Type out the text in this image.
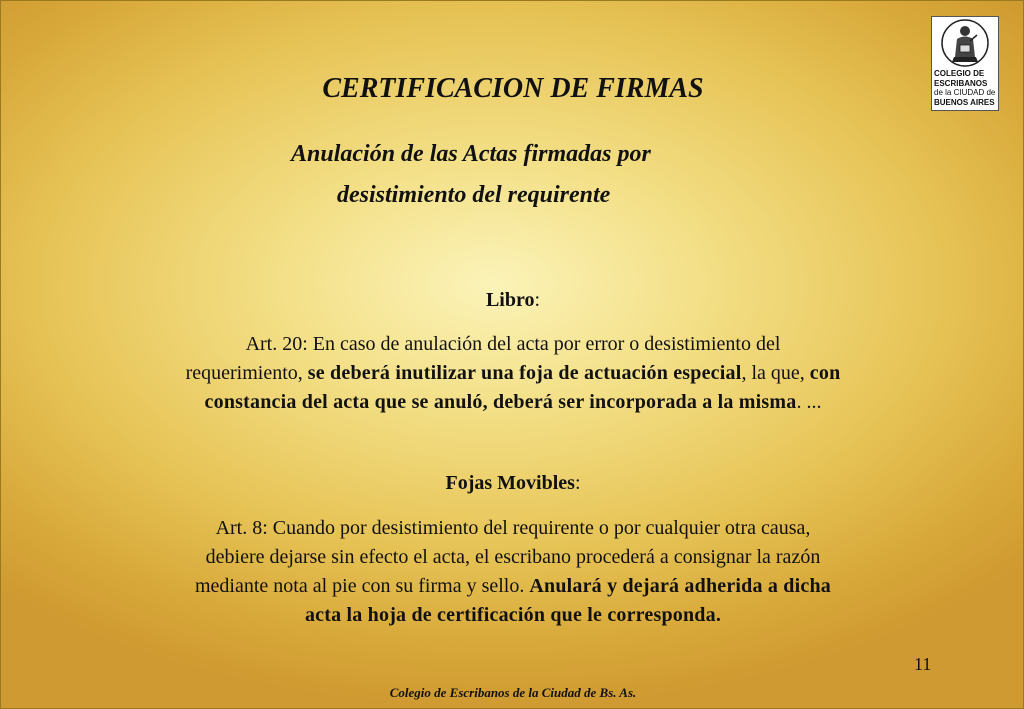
COLEGIO DE
ESCRIBANOS
de la CIUDAD de
BUENOS AIRES
CERTIFICACION DE FIRMAS
Anulación de las Actas firmadas por
desistimiento del requirente
Libro:
Art. 20: En caso de anulación del acta por error o desistimiento del
requerimiento, se deberá inutilizar una foja de actuación especial, la que, con
constancia del acta que se anuló, deberá ser incorporada a la misma. ...
Fojas Movibles:
Art. 8: Cuando por desistimiento del requirente o por cualquier otra causa,
debiere dejarse sin efecto el acta, el escribano procederá a consignar la razón
mediante nota al pie con su firma y sello. Anulará y dejará adherida a dicha
acta la hoja de certificación que le corresponda.
11
Colegio de Escribanos de la Ciudad de Bs. As.
